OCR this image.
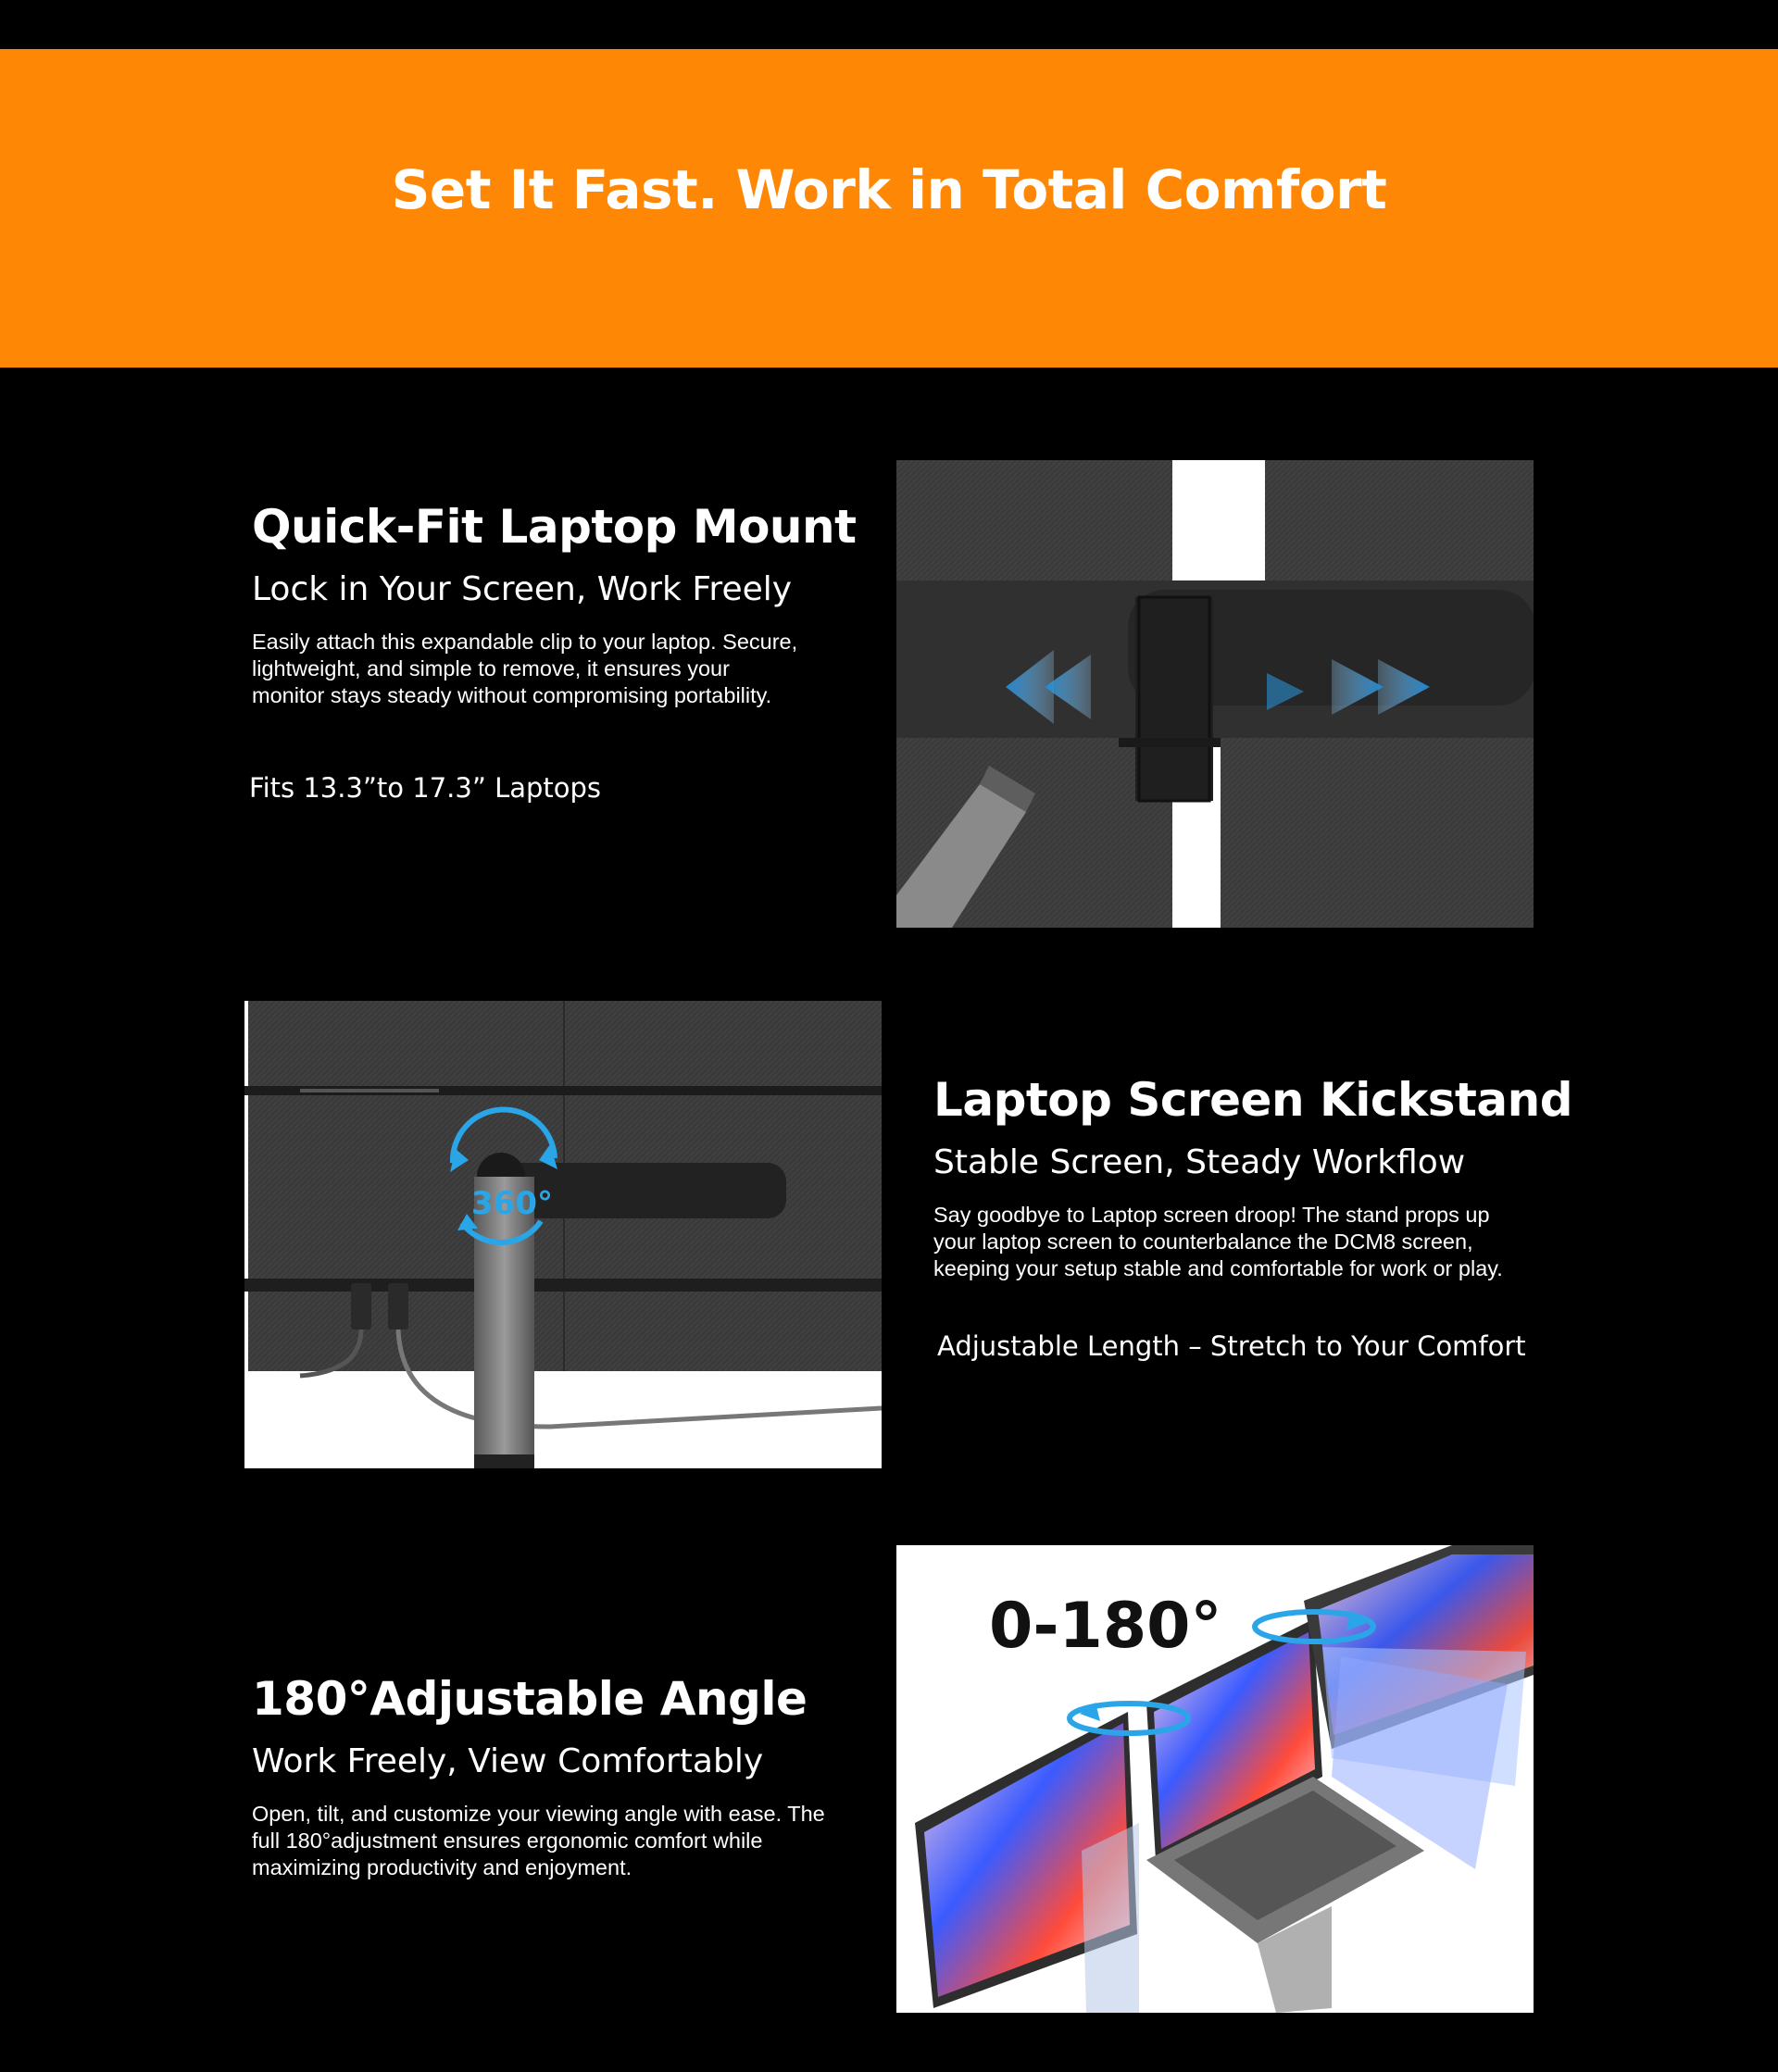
Set It Fast. Work in Total Comfort
Quick-Fit Laptop Mount
Lock in Your Screen, Work Freely

Easily attach this expandable clip to your laptop. Secure, lightweight, and simple to remove, it ensures your monitor stays steady without compromising portability.

Fits 13.3”to 17.3” Laptops

360°
Laptop Screen Kickstand
Stable Screen, Steady Workflow

Say goodbye to Laptop screen droop! The stand props up your laptop screen to counterbalance the DCM8 screen, keeping your setup stable and comfortable for work or play.

Adjustable Length – Stretch to Your Comfort

180°Adjustable Angle
Work Freely, View Comfortably

Open, tilt, and customize your viewing angle with ease. The full 180°adjustment ensures ergonomic comfort while maximizing productivity and enjoyment.

0-180°
